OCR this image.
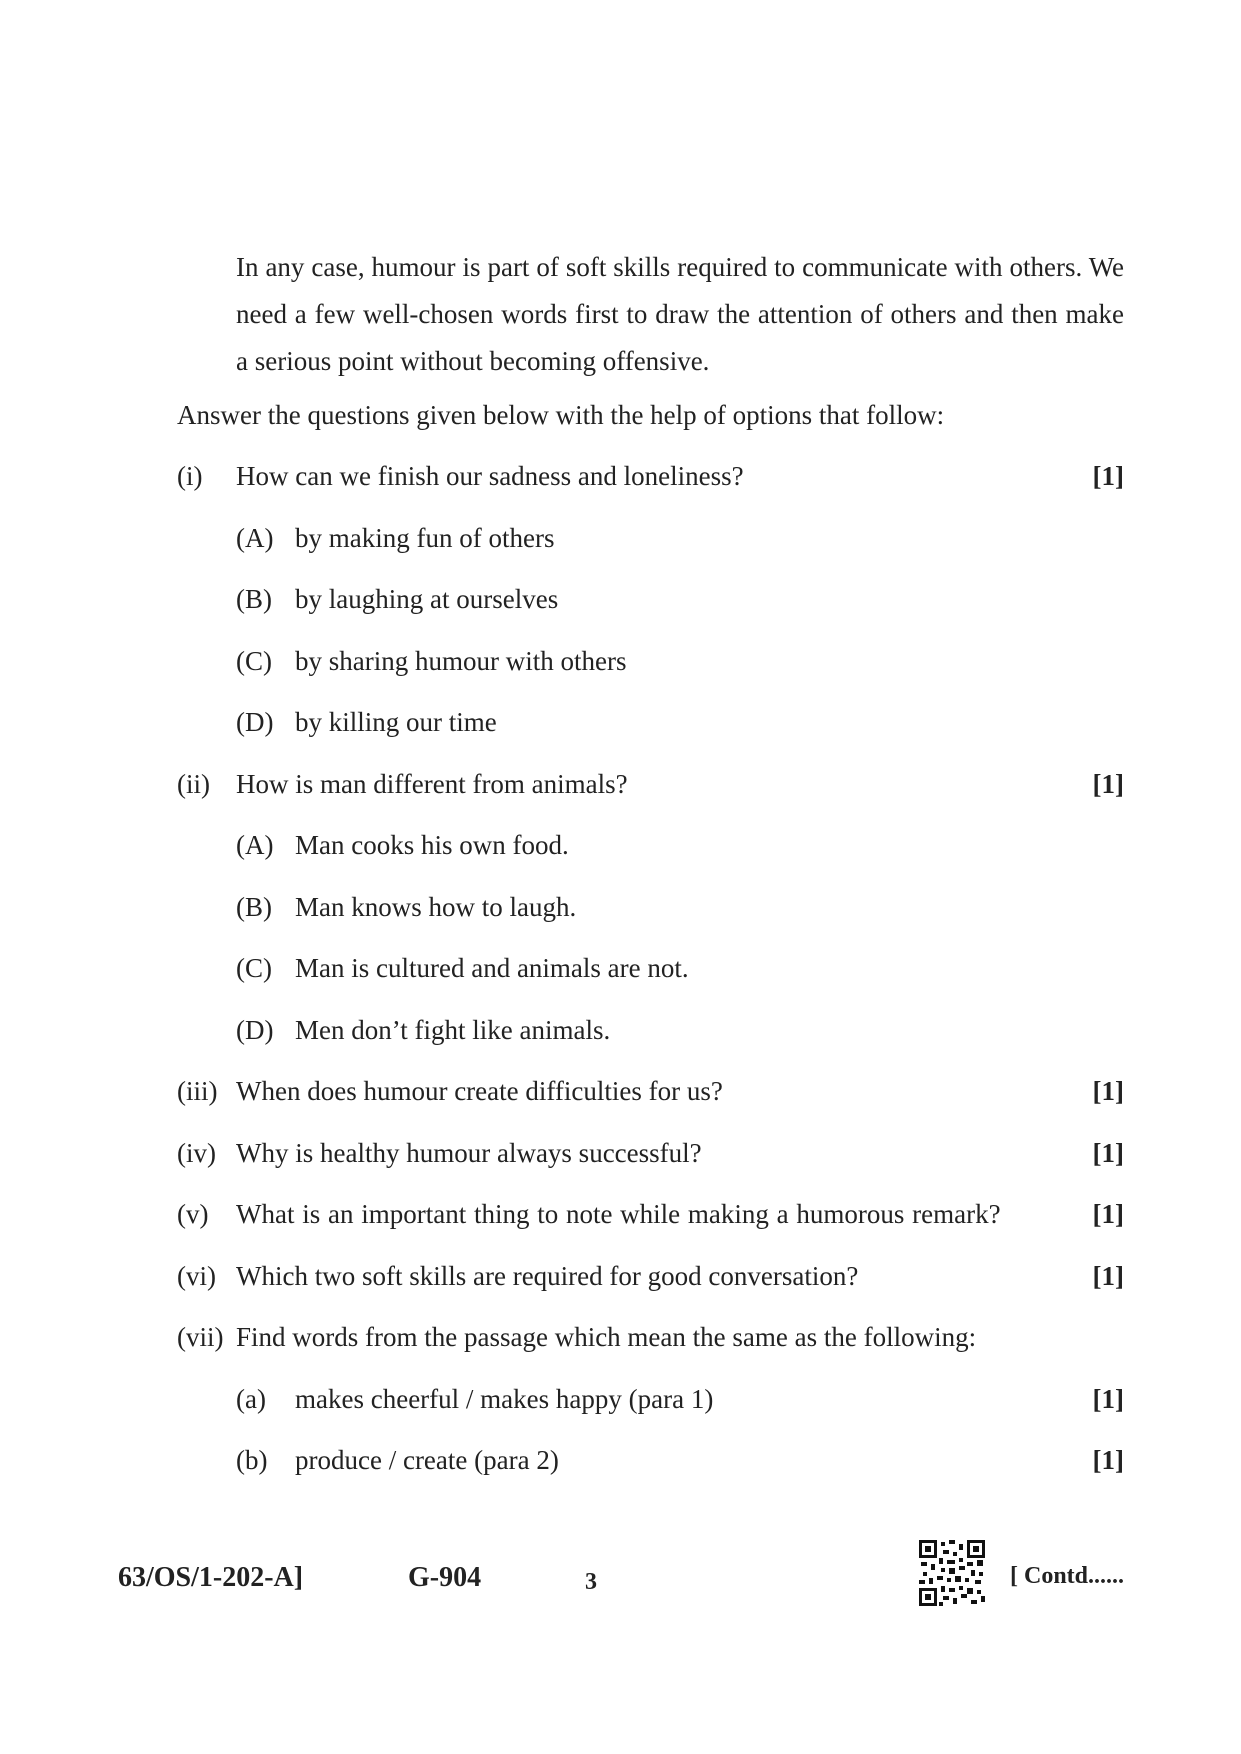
In any case, humour is part of soft skills required to communicate with others. We need a few well-chosen words first to draw the attention of others and then make a serious point without becoming offensive.
Answer the questions given below with the help of options that follow:
(i) How can we finish our sadness and loneliness?	[1]
(A) by making fun of others
(B) by laughing at ourselves
(C) by sharing humour with others
(D) by killing our time
(ii) How is man different from animals?	[1]
(A) Man cooks his own food.
(B) Man knows how to laugh.
(C) Man is cultured and animals are not.
(D) Men don’t fight like animals.
(iii) When does humour create difficulties for us?	[1]
(iv) Why is healthy humour always successful?	[1]
(v) What is an important thing to note while making a humorous remark?	[1]
(vi) Which two soft skills are required for good conversation?	[1]
(vii) Find words from the passage which mean the same as the following:
(a) makes cheerful / makes happy (para 1)	[1]
(b) produce / create (para 2)	[1]
63/OS/1-202-A]	G-904	3	[ Contd......
